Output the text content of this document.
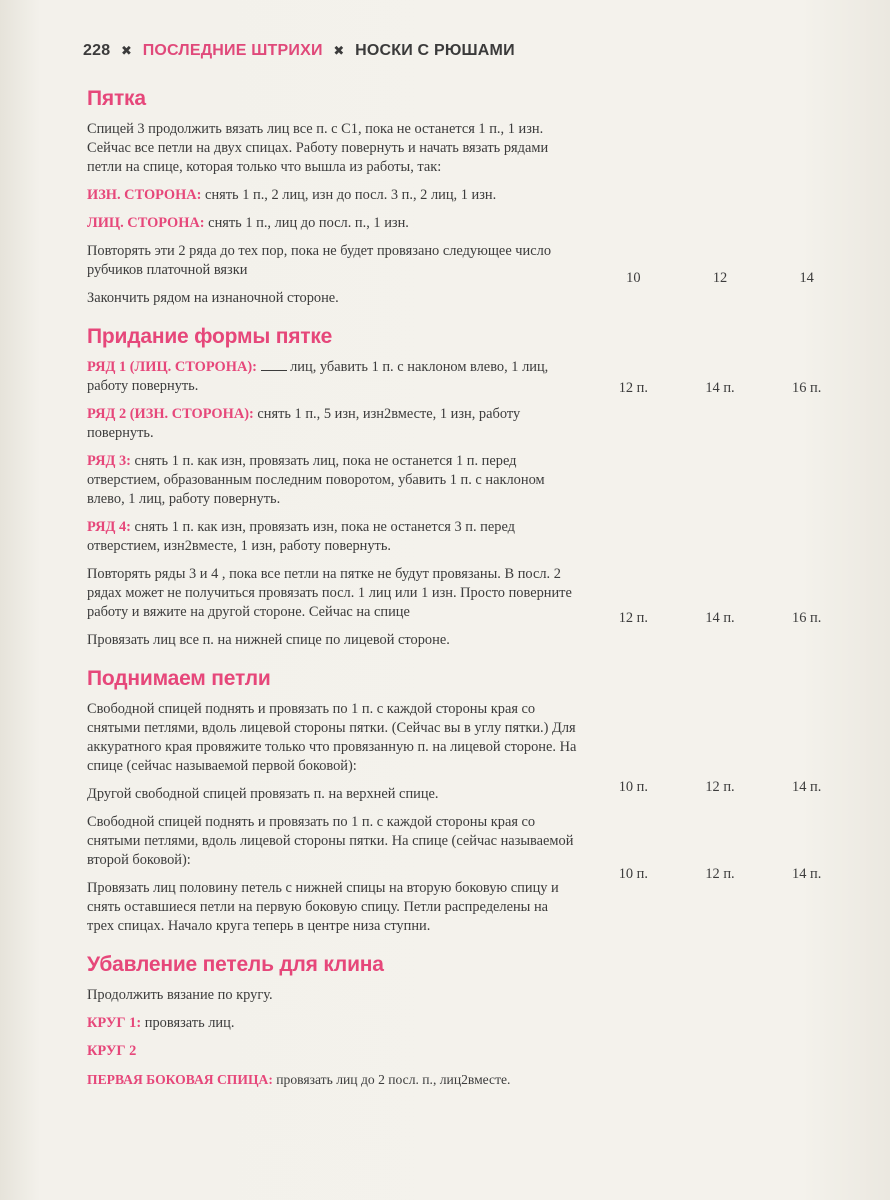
228 ✖ ПОСЛЕДНИЕ ШТРИХИ ✖ НОСКИ С РЮШАМИ
Пятка
Спицей 3 продолжить вязать лиц все п. с С1, пока не останется 1 п., 1 изн. Сейчас все петли на двух спицах. Работу повернуть и начать вязать рядами петли на спице, которая только что вышла из работы, так:
ИЗН. СТОРОНА: снять 1 п., 2 лиц, изн до посл. 3 п., 2 лиц, 1 изн.
ЛИЦ. СТОРОНА: снять 1 п., лиц до посл. п., 1 изн.
Повторять эти 2 ряда до тех пор, пока не будет провязано следующее число рубчиков платочной вязки
Закончить рядом на изнаночной стороне.
Придание формы пятке
РЯД 1 (ЛИЦ. СТОРОНА):  лиц, убавить 1 п. с наклоном влево, 1 лиц, работу повернуть.
РЯД 2 (ИЗН. СТОРОНА): снять 1 п., 5 изн, изн2вместе, 1 изн, работу повернуть.
РЯД 3: снять 1 п. как изн, провязать лиц, пока не останется 1 п. перед отверстием, образованным последним поворотом, убавить 1 п. с наклоном влево, 1 лиц, работу повернуть.
РЯД 4: снять 1 п. как изн, провязать изн, пока не останется 3 п. перед отверстием, изн2вместе, 1 изн, работу повернуть.
Повторять ряды 3 и 4 , пока все петли на пятке не будут провязаны. В посл. 2 рядах может не получиться провязать посл. 1 лиц или 1 изн. Просто поверните работу и вяжите на другой стороне. Сейчас на спице
Провязать лиц все п. на нижней спице по лицевой стороне.
Поднимаем петли
Свободной спицей поднять и провязать по 1 п. с каждой стороны края со снятыми петлями, вдоль лицевой стороны пятки. (Сейчас вы в углу пятки.) Для аккуратного края провяжите только что провязанную п. на лицевой стороне. На спице (сейчас называемой первой боковой):
Другой свободной спицей провязать п. на верхней спице.
Свободной спицей поднять и провязать по 1 п. с каждой стороны края со снятыми петлями, вдоль лицевой стороны пятки. На спице (сейчас называемой второй боковой):
Провязать лиц половину петель с нижней спицы на вторую боковую спицу и снять оставшиеся петли на первую боковую спицу. Петли распределены на трех спицах. Начало круга теперь в центре низа ступни.
Убавление петель для клина
Продолжить вязание по кругу.
КРУГ 1: провязать лиц.
КРУГ 2
ПЕРВАЯ БОКОВАЯ СПИЦА: провязать лиц до 2 посл. п., лиц2вместе.
10	12	14
12 п.	14 п.	16 п.
12 п.	14 п.	16 п.
10 п.	12 п.	14 п.
10 п.	12 п.	14 п.
